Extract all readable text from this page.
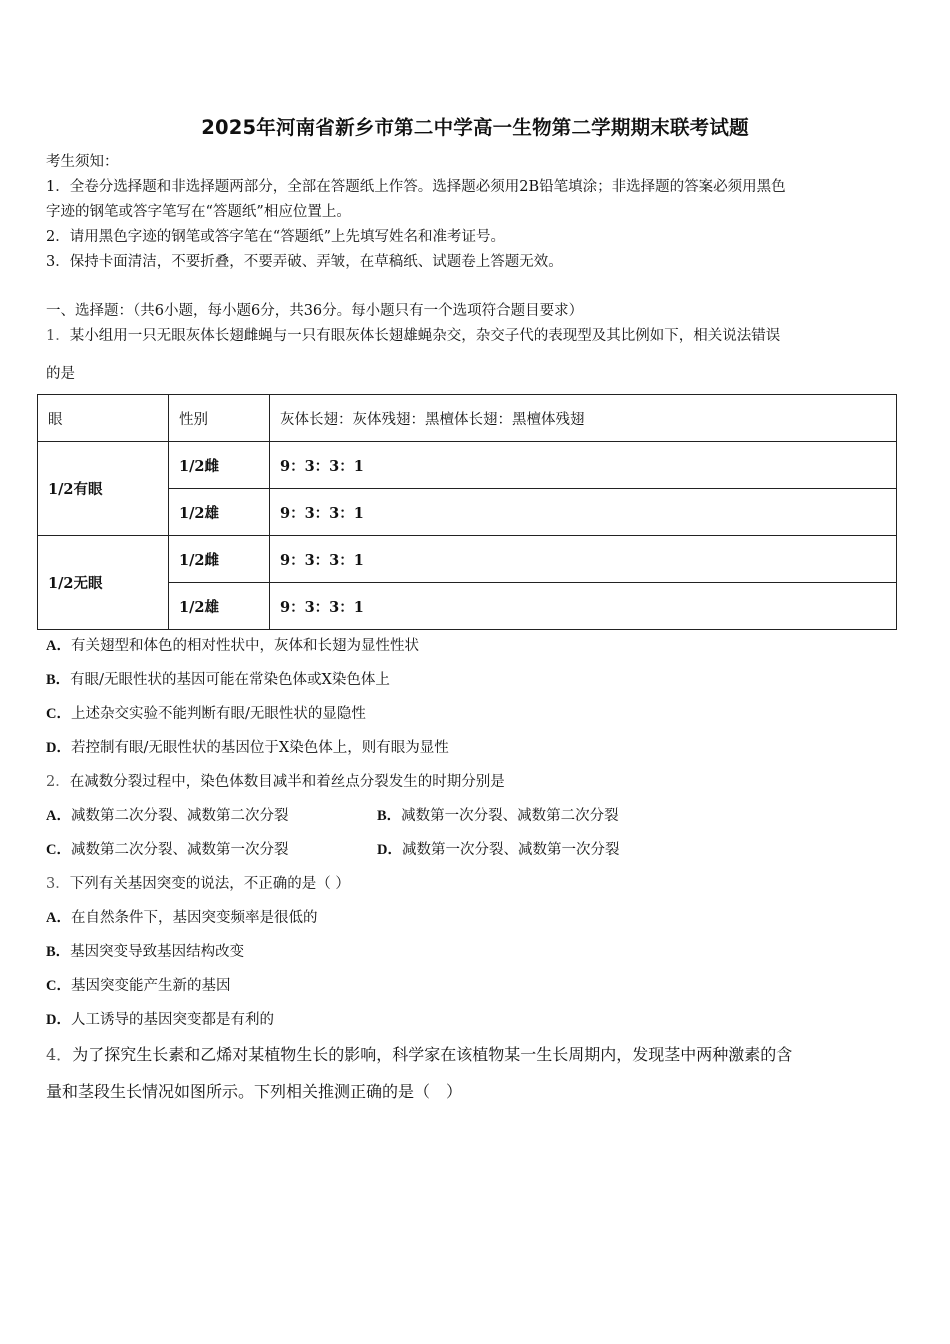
2025年河南省新乡市第二中学高一生物第二学期期末联考试题
考生须知：
1．全卷分选择题和非选择题两部分，全部在答题纸上作答。选择题必须用2B铅笔填涂；非选择题的答案必须用黑色
字迹的钢笔或答字笔写在“答题纸”相应位置上。
2．请用黑色字迹的钢笔或答字笔在“答题纸”上先填写姓名和准考证号。
3．保持卡面清洁，不要折叠，不要弄破、弄皱，在草稿纸、试题卷上答题无效。
一、选择题：（共6小题，每小题6分，共36分。每小题只有一个选项符合题目要求）
1．某小组用一只无眼灰体长翅雌蝇与一只有眼灰体长翅雄蝇杂交，杂交子代的表现型及其比例如下，相关说法错误
的是
眼	性别	灰体长翅：灰体残翅：黑檀体长翅：黑檀体残翅
1/2有眼	1/2雌	9：3：3：1
	1/2雄	9：3：3：1
1/2无眼	1/2雌	9：3：3：1
	1/2雄	9：3：3：1
A．有关翅型和体色的相对性状中，灰体和长翅为显性性状
B．有眼/无眼性状的基因可能在常染色体或X染色体上
C．上述杂交实验不能判断有眼/无眼性状的显隐性
D．若控制有眼/无眼性状的基因位于X染色体上，则有眼为显性
2．在减数分裂过程中，染色体数目减半和着丝点分裂发生的时期分别是
A．减数第二次分裂、减数第二次分裂	B．减数第一次分裂、减数第二次分裂
C．减数第二次分裂、减数第一次分裂	D．减数第一次分裂、减数第一次分裂
3．下列有关基因突变的说法，不正确的是（ ）
A．在自然条件下，基因突变频率是很低的
B．基因突变导致基因结构改变
C．基因突变能产生新的基因
D．人工诱导的基因突变都是有利的
4．为了探究生长素和乙烯对某植物生长的影响，科学家在该植物某一生长周期内，发现茎中两种激素的含
量和茎段生长情况如图所示。下列相关推测正确的是（　）
